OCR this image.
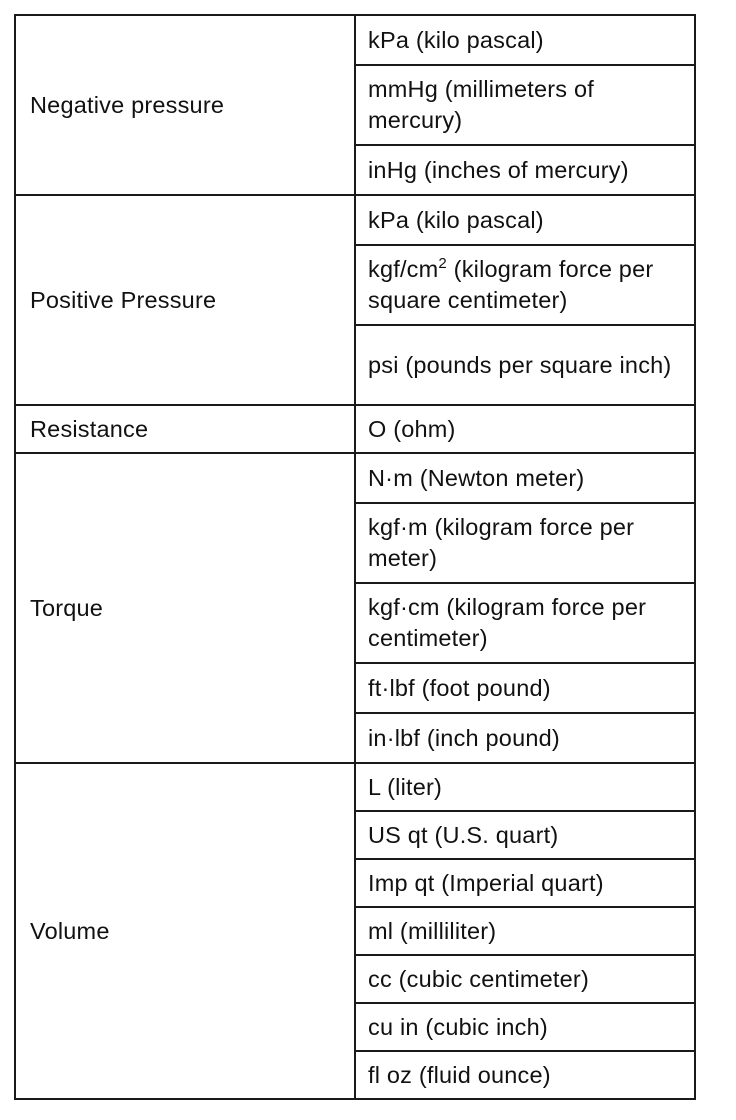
Negative pressure	kPa (kilo pascal)
	mmHg (millimeters of mercury)
	inHg (inches of mercury)
Positive Pressure	kPa (kilo pascal)
	kgf/$cm^2$ (kilogram force per square centimeter)
	psi (pounds per square inch)
Resistance	Ο (ohm)
Torque	N·m (Newton meter)
	kgf·m (kilogram force per meter)
	kgf·cm (kilogram force per centimeter)
	ft·lbf (foot pound)
	in·lbf (inch pound)
Volume	L (liter)
	US qt (U.S. quart)
	Imp qt (Imperial quart)
	ml (milliliter)
	cc (cubic centimeter)
	cu in (cubic inch)
	fl oz (fluid ounce)
